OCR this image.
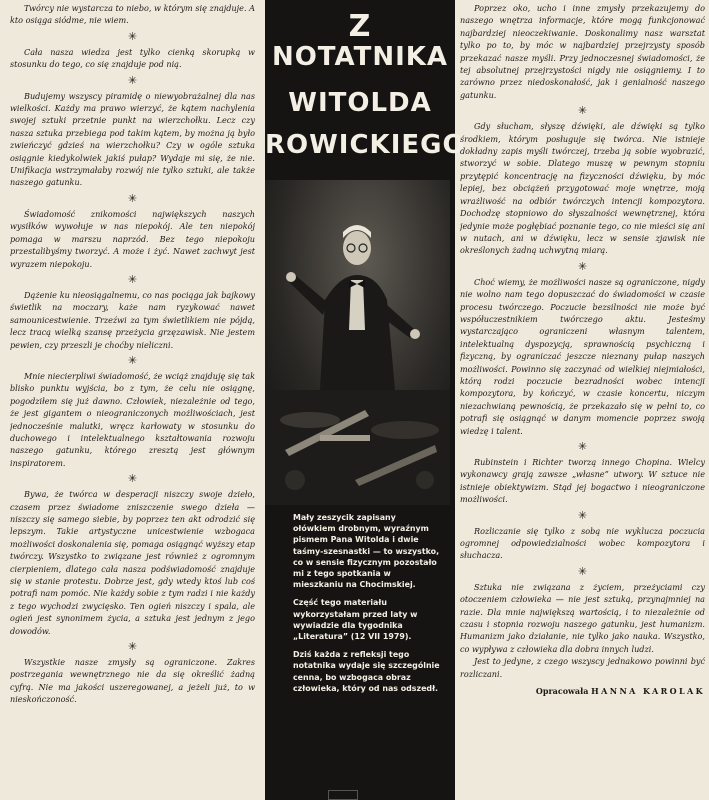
Twórcy nie wystarcza to niebo, w którym się znajduje. A kto osiąga siódme, nie wiem.

✳

Cała nasza wiedza jest tylko cienką skorupką w stosunku do tego, co się znajduje pod nią.

✳

Budujemy wszyscy piramidę o niewyobrażalnej dla nas wielkości. Każdy ma prawo wierzyć, że kątem nachylenia swojej sztuki przetnie punkt na wierzchołku. Lecz czy nasza sztuka przebiega pod takim kątem, by można ją było zwieńczyć gdzieś na wierzchołku? Czy w ogóle sztuka osiągnie kiedykolwiek jakiś pułap? Wydaje mi się, że nie. Unifikacja wstrzymałaby rozwój nie tylko sztuki, ale także naszego gatunku.

✳

Świadomość znikomości największych naszych wysiłków wywołuje w nas niepokój. Ale ten niepokój pomaga w marszu naprzód. Bez tego niepokoju przestalibyśmy tworzyć. A może i żyć. Nawet zachwyt jest wyrazem niepokoju.

✳

Dążenie ku nieosiągalnemu, co nas pociąga jak bajkowy świetlik na moczary, każe nam ryzykować nawet samounicestwienie. Trzeźwi za tym świetlikiem nie pójdą, lecz tracą wielką szansę przeżycia grzęzawisk. Nie jestem pewien, czy przeszli je choćby nieliczni.

✳

Mnie niecierpliwi świadomość, że wciąż znajduję się tak blisko punktu wyjścia, bo z tym, że celu nie osiągnę, pogodziłem się już dawno. Człowiek, niezależnie od tego, że jest gigantem o nieograniczonych możliwościach, jest jednocześnie malutki, wręcz karłowaty w stosunku do duchowego i intelektualnego kształtowania rozwoju naszego gatunku, którego zresztą jest głównym inspiratorem.

✳

Bywa, że twórca w desperacji niszczy swoje dzieło, czasem przez świadome zniszczenie swego dzieła — niszczy się samego siebie, by poprzez ten akt odrodzić się lepszym. Takie artystyczne unicestwienie wzbogaca możliwości doskonalenia się, pomaga osiągnąć wyższy etap twórczy. Wszystko to związane jest również z ogromnym cierpieniem, dlatego cała nasza podświadomość znajduje się w stanie protestu. Dobrze jest, gdy wtedy ktoś lub coś potrafi nam pomóc. Nie każdy sobie z tym radzi i nie każdy z tego wychodzi zwycięsko. Ten ogień niszczy i spala, ale ogień jest synonimem życia, a sztuka jest jednym z jego dowodów.

✳

Wszystkie nasze zmysły są ograniczone. Zakres postrzegania wewnętrznego nie da się określić żadną cyfrą. Nie ma jakości uszeregowanej, a jeżeli już, to w nieskończoność.

Z
NOTATNIKA
WITOLDA
ROWICKIEGO

Mały zeszycik zapisany ołówkiem drobnym, wyraźnym pismem Pana Witolda i dwie taśmy-szesnastki — to wszystko, co w sensie fizycznym pozostało mi z tego spotkania w mieszkaniu na Chocimskiej.

Część tego materiału wykorzystałam przed laty w wywiadzie dla tygodnika „Literatura” (12 VII 1979).

Dziś każda z refleksji tego notatnika wydaje się szczególnie cenna, bo wzbogaca obraz człowieka, który od nas odszedł.

Poprzez oko, ucho i inne zmysły przekazujemy do naszego wnętrza informacje, które mogą funkcjonować najbardziej nieoczekiwanie. Doskonalimy nasz warsztat tylko po to, by móc w najbardziej przejrzysty sposób przekazać nasze myśli. Przy jednoczesnej świadomości, że tej absolutnej przejrzystości nigdy nie osiągniemy. I to zarówno przez niedoskonałość, jak i genialność naszego gatunku.

✳

Gdy słucham, słyszę dźwięki, ale dźwięki są tylko środkiem, którym posługuje się twórca. Nie istnieje dokładny zapis myśli twórczej, trzeba ją sobie wyobrazić, stworzyć w sobie. Dlatego muszę w pewnym stopniu przytępić koncentrację na fizyczności dźwięku, by móc lepiej, bez obciążeń przygotować moje wnętrze, moją wrażliwość na odbiór twórczych intencji kompozytora. Dochodzę stopniowo do słyszalności wewnętrznej, która jedynie może pogłębiać poznanie tego, co nie mieści się ani w nutach, ani w dźwięku, lecz w sensie zjawisk nie określonych żadną uchwytną miarą.

✳

Choć wiemy, że możliwości nasze są ograniczone, nigdy nie wolno nam tego dopuszczać do świadomości w czasie procesu twórczego. Poczucie bezsilności nie może być współuczestnikiem twórczego aktu. Jesteśmy wystarczająco ograniczeni własnym talentem, intelektualną dyspozycją, sprawnością psychiczną i fizyczną, by ograniczać jeszcze nieznany pułap naszych możliwości. Powinno się zaczynać od wielkiej niejmiałości, którą rodzi poczucie bezradności wobec intencji kompozytora, by kończyć, w czasie koncertu, niczym niezachwianą pewnością, że przekazało się w pełni to, co potrafi się osiągnąć w danym momencie poprzez swoją wiedzę i talent.

✳

Rubinstein i Richter tworzą innego Chopina. Wielcy wykonawcy grają zawsze „własne” utwory. W sztuce nie istnieje obiektywizm. Stąd jej bogactwo i nieograniczone możliwości.

✳

Rozliczanie się tylko z sobą nie wyklucza poczucia ogromnej odpowiedzialności wobec kompozytora i słuchacza.

✳

Sztuka nie związana z życiem, przeżyciami czy otoczeniem człowieka — nie jest sztuką, przynajmniej na razie. Dla mnie największą wartością, i to niezależnie od czasu i stopnia rozwoju naszego gatunku, jest humanizm. Humanizm jako działanie, nie tylko jako nauka. Wszystko, co wypływa z człowieka dla dobra innych ludzi.

Jest to jedyne, z czego wszyscy jednakowo powinni być rozliczani.

Opracowała HANNA KAROLAK
25/26
